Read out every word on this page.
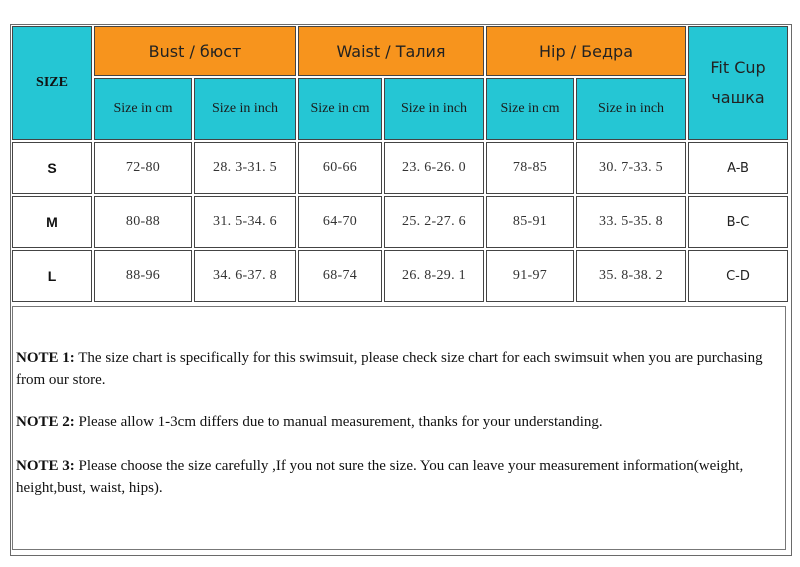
SIZE
Bust / бюст	Waist / Талия	Hip / Бедра
Fit Cup
чашка
Size in cm	Size in inch	Size in cm	Size in inch	Size in cm	Size in inch
S	72-80	28. 3-31. 5	60-66	23. 6-26. 0	78-85	30. 7-33. 5	A-B
M	80-88	31. 5-34. 6	64-70	25. 2-27. 6	85-91	33. 5-35. 8	B-C
L	88-96	34. 6-37. 8	68-74	26. 8-29. 1	91-97	35. 8-38. 2	C-D
NOTE 1: The size chart is specifically for this swimsuit, please check size chart for each swimsuit when you are purchasing from our store.
NOTE 2: Please allow 1-3cm differs due to manual measurement, thanks for your understanding.
NOTE 3: Please choose the size carefully ,If you not sure the size. You can leave your measurement information(weight, height,bust, waist, hips).
